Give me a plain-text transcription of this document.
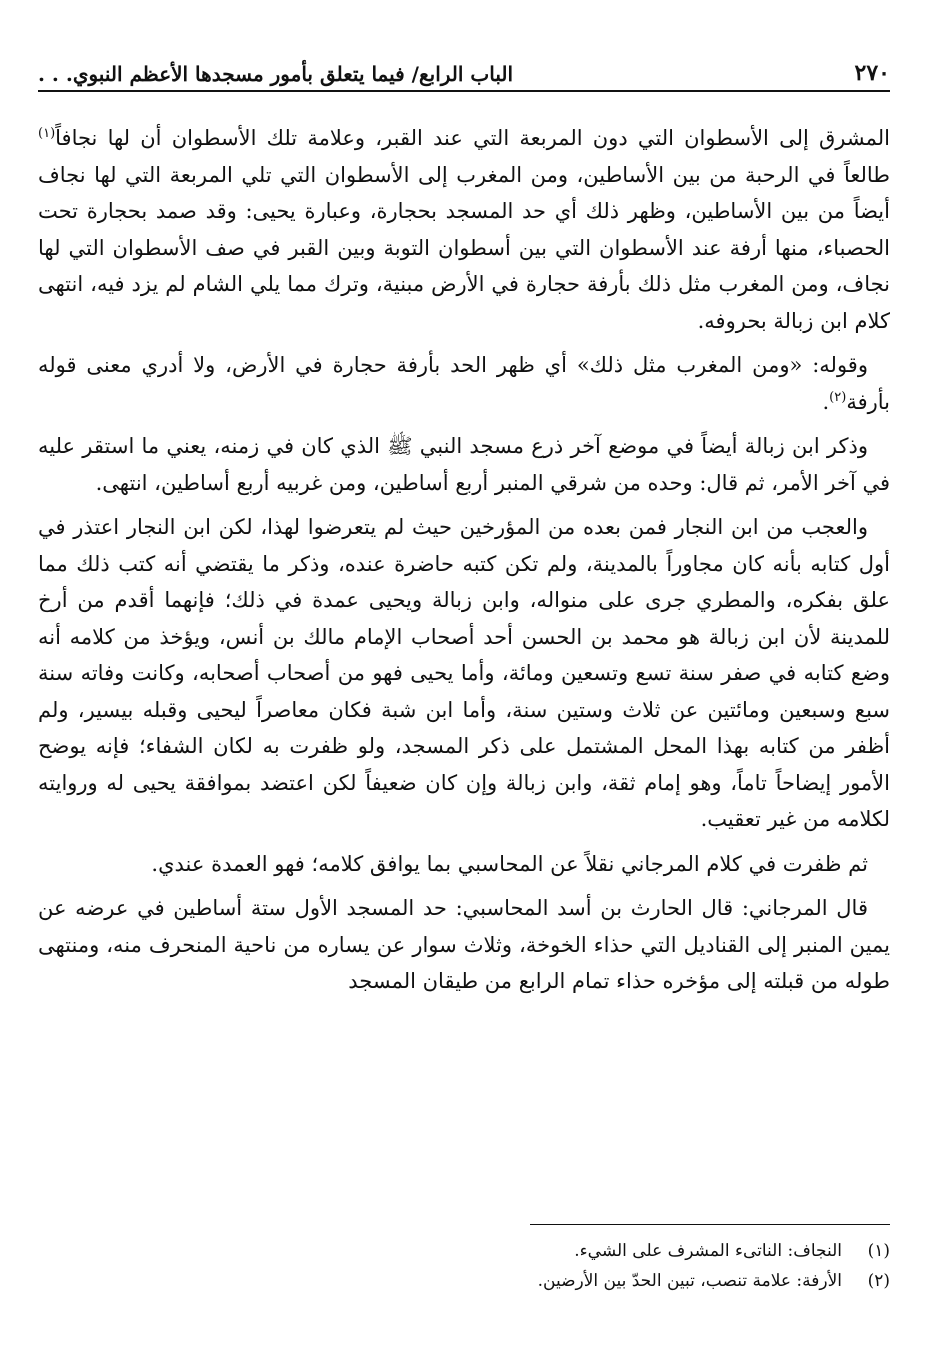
٢٧٠
الباب الرابع/ فيما يتعلق بأمور مسجدها الأعظم النبوي. . .

المشرق إلى الأسطوان التي دون المربعة التي عند القبر، وعلامة تلك الأسطوان أن لها نجافاً$^{(١)}$ طالعاً في الرحبة من بين الأساطين، ومن المغرب إلى الأسطوان التي تلي المربعة التي لها نجاف أيضاً من بين الأساطين، وظهر ذلك أي حد المسجد بحجارة، وعبارة يحيى: وقد صمد بحجارة تحت الحصباء، منها أرفة عند الأسطوان التي بين أسطوان التوبة وبين القبر في صف الأسطوان التي لها نجاف، ومن المغرب مثل ذلك بأرفة حجارة في الأرض مبنية، وترك مما يلي الشام لم يزد فيه، انتهى كلام ابن زبالة بحروفه.

وقوله: «ومن المغرب مثل ذلك» أي ظهر الحد بأرفة حجارة في الأرض، ولا أدري معنى قوله بأرفة$^{(٢)}$.

وذكر ابن زبالة أيضاً في موضع آخر ذرع مسجد النبي ﷺ الذي كان في زمنه، يعني ما استقر عليه في آخر الأمر، ثم قال: وحده من شرقي المنبر أربع أساطين، ومن غربيه أربع أساطين، انتهى.

والعجب من ابن النجار فمن بعده من المؤرخين حيث لم يتعرضوا لهذا، لكن ابن النجار اعتذر في أول كتابه بأنه كان مجاوراً بالمدينة، ولم تكن كتبه حاضرة عنده، وذكر ما يقتضي أنه كتب ذلك مما علق بفكره، والمطري جرى على منواله، وابن زبالة ويحيى عمدة في ذلك؛ فإنهما أقدم من أرخ للمدينة لأن ابن زبالة هو محمد بن الحسن أحد أصحاب الإمام مالك بن أنس، ويؤخذ من كلامه أنه وضع كتابه في صفر سنة تسع وتسعين ومائة، وأما يحيى فهو من أصحاب أصحابه، وكانت وفاته سنة سبع وسبعين ومائتين عن ثلاث وستين سنة، وأما ابن شبة فكان معاصراً ليحيى وقبله بيسير، ولم أظفر من كتابه بهذا المحل المشتمل على ذكر المسجد، ولو ظفرت به لكان الشفاء؛ فإنه يوضح الأمور إيضاحاً تاماً، وهو إمام ثقة، وابن زبالة وإن كان ضعيفاً لكن اعتضد بموافقة يحيى له وروايته لكلامه من غير تعقيب.

ثم ظفرت في كلام المرجاني نقلاً عن المحاسبي بما يوافق كلامه؛ فهو العمدة عندي.

قال المرجاني: قال الحارث بن أسد المحاسبي: حد المسجد الأول ستة أساطين في عرضه عن يمين المنبر إلى القناديل التي حذاء الخوخة، وثلاث سوار عن يساره من ناحية المنحرف منه، ومنتهى طوله من قبلته إلى مؤخره حذاء تمام الرابع من طيقان المسجد

(١)
النجاف: الناتىء المشرف على الشيء.
(٢)
الأرفة: علامة تنصب، تبين الحدّ بين الأرضين.
